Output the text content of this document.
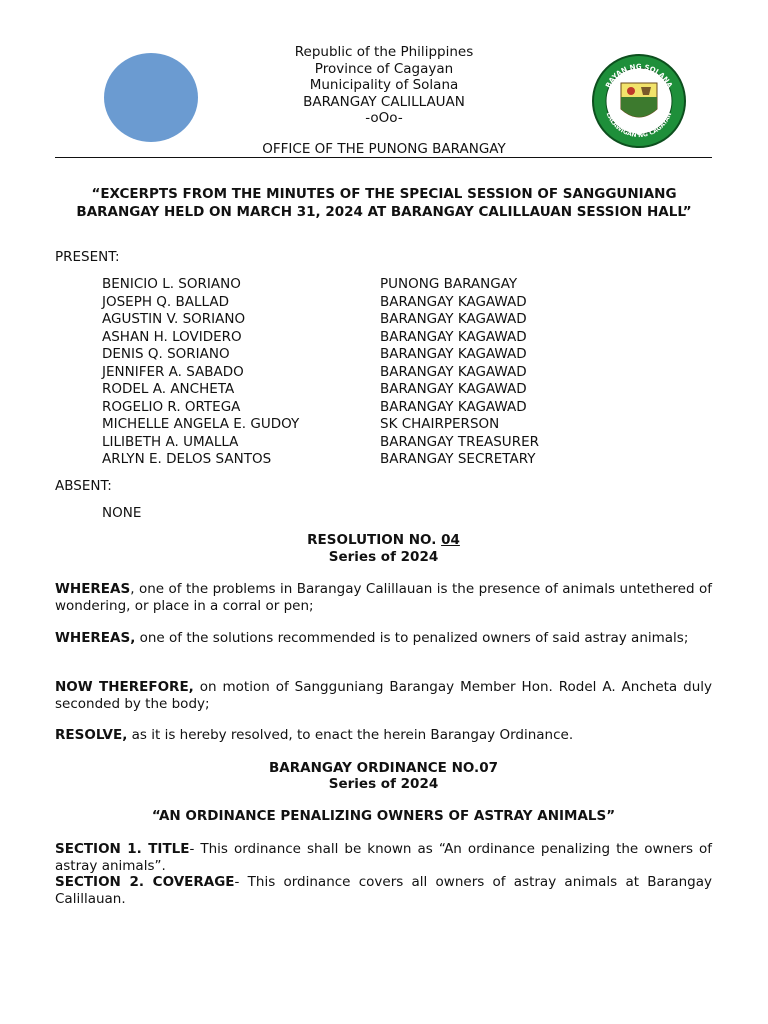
BAYAN NG SOLANA
LALAWIGAN NG CAGAYAN
Republic of the Philippines
Province of Cagayan
Municipality of Solana
BARANGAY CALILLAUAN
-oOo-
OFFICE OF THE PUNONG BARANGAY
“EXCERPTS FROM THE MINUTES OF THE SPECIAL SESSION OF SANGGUNIANG BARANGAY HELD ON MARCH 31, 2024 AT BARANGAY CALILLAUAN SESSION HALL”
PRESENT:
BENICIO L. SORIANO	PUNONG BARANGAY
JOSEPH Q. BALLAD	BARANGAY KAGAWAD
AGUSTIN V. SORIANO	BARANGAY KAGAWAD
ASHAN H. LOVIDERO	BARANGAY KAGAWAD
DENIS Q. SORIANO	BARANGAY KAGAWAD
JENNIFER A. SABADO	BARANGAY KAGAWAD
RODEL A. ANCHETA	BARANGAY KAGAWAD
ROGELIO R. ORTEGA	BARANGAY KAGAWAD
MICHELLE ANGELA E. GUDOY	SK CHAIRPERSON
LILIBETH A. UMALLA	BARANGAY TREASURER
ARLYN E. DELOS SANTOS	BARANGAY SECRETARY
ABSENT:
NONE
RESOLUTION NO. 04
Series of 2024
WHEREAS, one of the problems in Barangay Calillauan is the presence of animals untethered of wondering, or place in a corral or pen;
WHEREAS, one of the solutions recommended is to penalized owners of said astray animals;
NOW THEREFORE, on motion of Sangguniang Barangay Member Hon. Rodel A. Ancheta duly seconded by the body;
RESOLVE, as it is hereby resolved, to enact the herein Barangay Ordinance.
BARANGAY ORDINANCE NO.07
Series of 2024
“AN ORDINANCE PENALIZING OWNERS OF ASTRAY ANIMALS”
SECTION 1. TITLE- This ordinance shall be known as “An ordinance penalizing the owners of astray animals”.
SECTION 2. COVERAGE- This ordinance covers all owners of astray animals at Barangay Calillauan.
